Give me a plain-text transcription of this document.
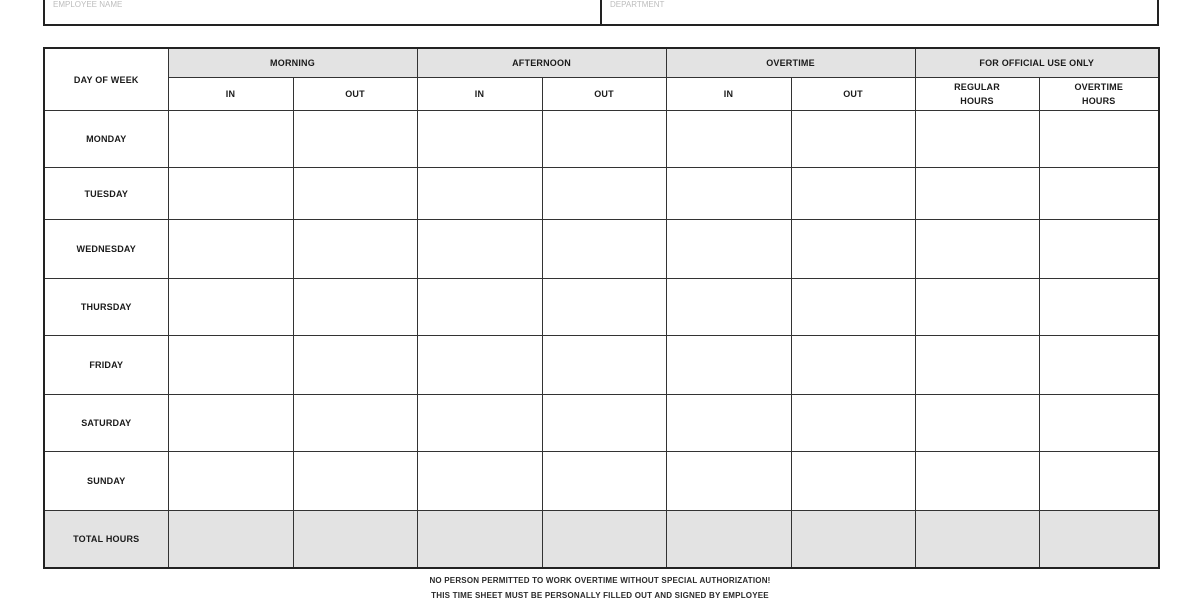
EMPLOYEE NAME	DEPARTMENT
DAY OF WEEK	MORNING		AFTERNOON		OVERTIME		FOR OFFICIAL USE ONLY	
	IN	OUT	IN	OUT	IN	OUT	REGULAR HOURS	OVERTIME HOURS

MONDAY								
TUESDAY								
WEDNESDAY								
THURSDAY								
FRIDAY								
SATURDAY								
SUNDAY								
TOTAL HOURS								
NO PERSON PERMITTED TO WORK OVERTIME WITHOUT SPECIAL AUTHORIZATION!
THIS TIME SHEET MUST BE PERSONALLY FILLED OUT AND SIGNED BY EMPLOYEE
